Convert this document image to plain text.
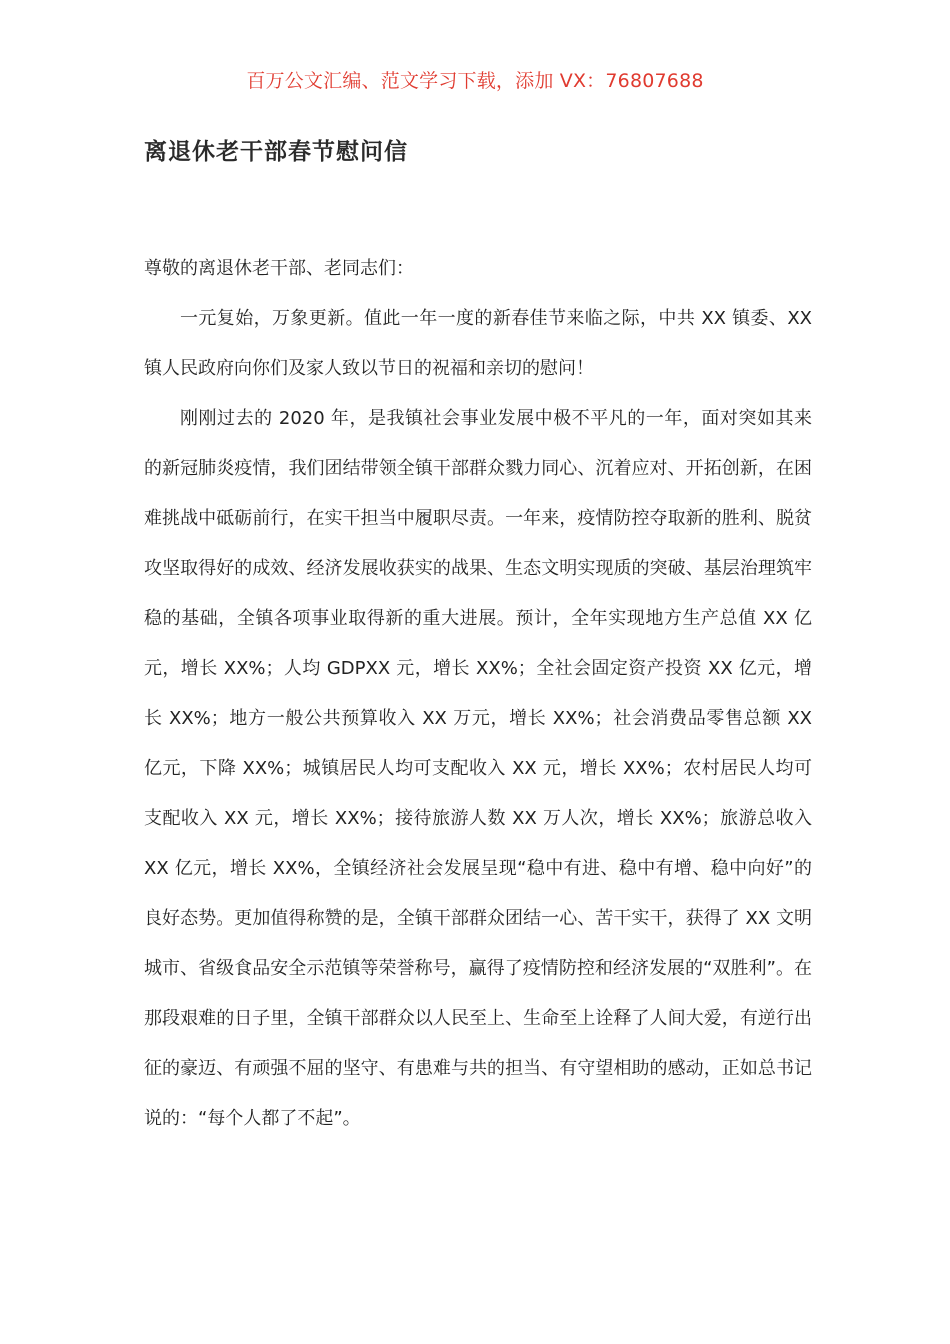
百万公文汇编、范文学习下载，添加 VX：76807688
离退休老干部春节慰问信

尊敬的离退休老干部、老同志们：

一元复始，万象更新。值此一年一度的新春佳节来临之际，中共 XX 镇委、XX 镇人民政府向你们及家人致以节日的祝福和亲切的慰问！

刚刚过去的 2020 年，是我镇社会事业发展中极不平凡的一年，面对突如其来的新冠肺炎疫情，我们团结带领全镇干部群众戮力同心、沉着应对、开拓创新，在困难挑战中砥砺前行，在实干担当中履职尽责。一年来，疫情防控夺取新的胜利、脱贫攻坚取得好的成效、经济发展收获实的战果、生态文明实现质的突破、基层治理筑牢稳的基础，全镇各项事业取得新的重大进展。预计，全年实现地方生产总值 XX 亿元，增长 XX%；人均 GDPXX 元，增长 XX%；全社会固定资产投资 XX 亿元，增长 XX%；地方一般公共预算收入 XX 万元，增长 XX%；社会消费品零售总额 XX 亿元，下降 XX%；城镇居民人均可支配收入 XX 元，增长 XX%；农村居民人均可支配收入 XX 元，增长 XX%；接待旅游人数 XX 万人次，增长 XX%；旅游总收入 XX 亿元，增长 XX%，全镇经济社会发展呈现“稳中有进、稳中有增、稳中向好”的良好态势。更加值得称赞的是，全镇干部群众团结一心、苦干实干，获得了 XX 文明城市、省级食品安全示范镇等荣誉称号，赢得了疫情防控和经济发展的“双胜利”。在那段艰难的日子里，全镇干部群众以人民至上、生命至上诠释了人间大爱，有逆行出征的豪迈、有顽强不屈的坚守、有患难与共的担当、有守望相助的感动，正如总书记说的：“每个人都了不起”。
